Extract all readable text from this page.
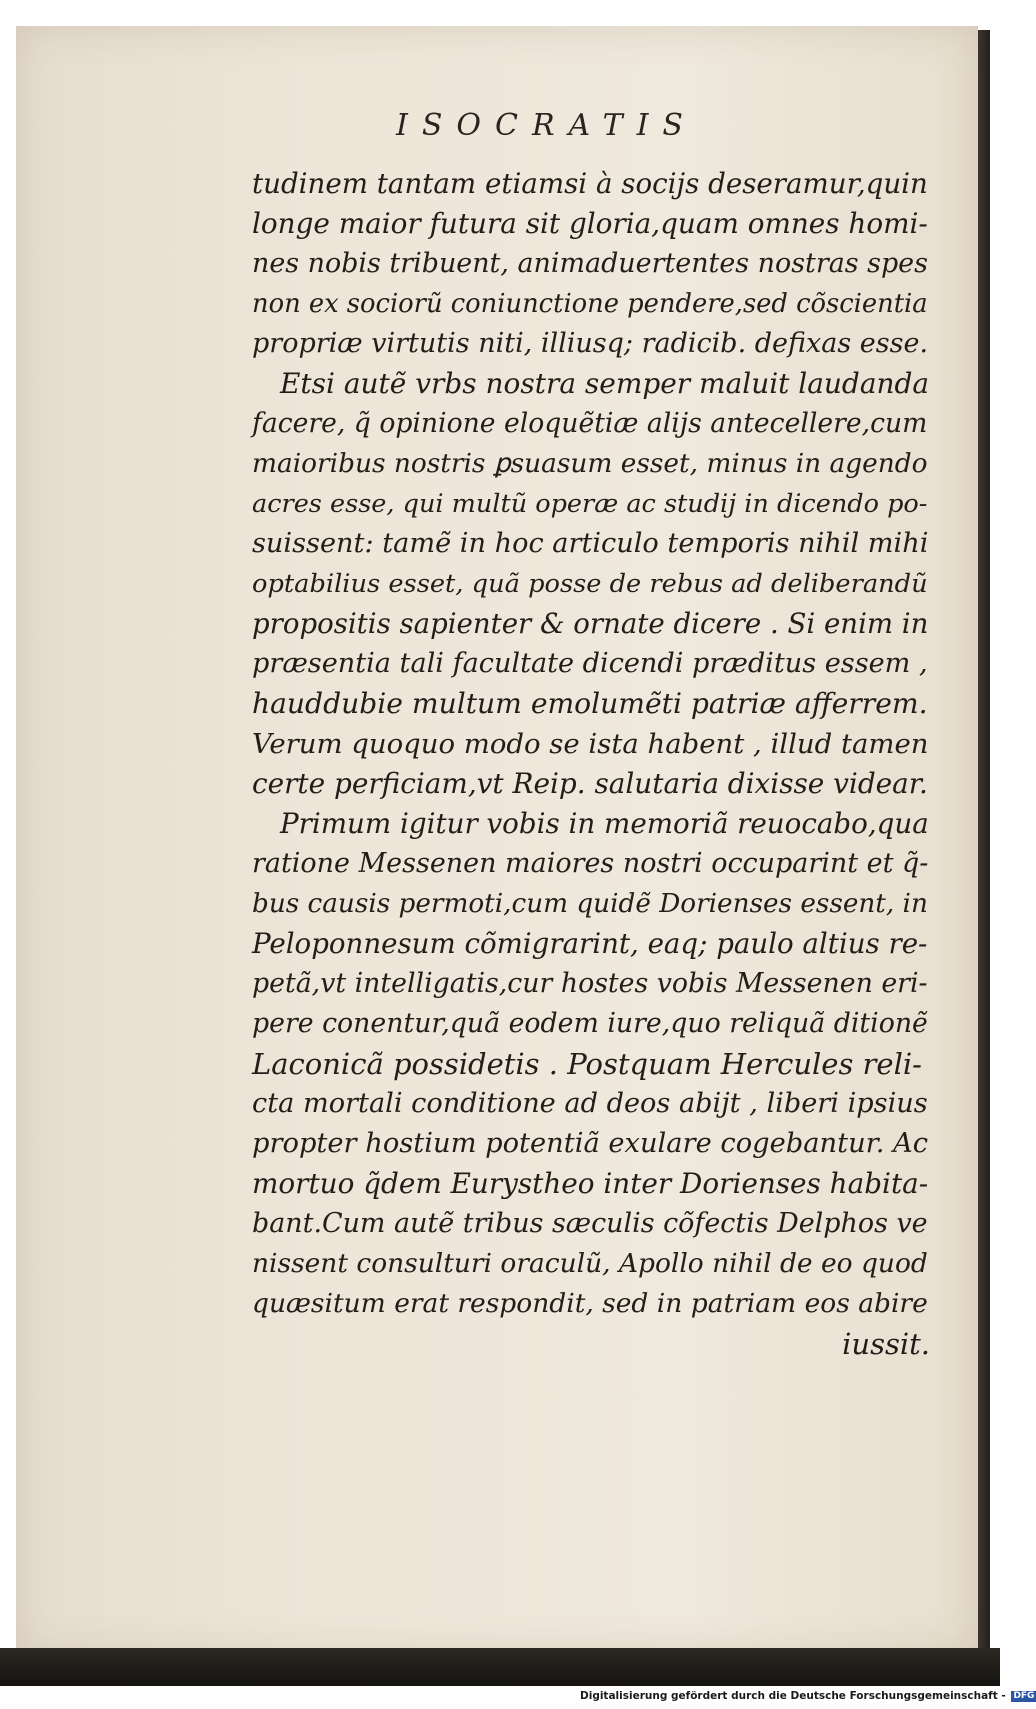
ISOCRATIS
tudinem tantam etiamsi à socijs deseramur,quin
longe maior futura sit gloria,quam omnes homi-
nes nobis tribuent, animaduertentes nostras spes
non ex sociorũ coniunctione pendere,sed cõscientia
propriæ virtutis niti, illiusq; radicib. defixas esse.
Etsi autẽ vrbs nostra semper maluit laudanda
facere, q̃ opinione eloquẽtiæ alijs antecellere,cum
maioribus nostris ꝑsuasum esset, minus in agendo
acres esse, qui multũ operæ ac studij in dicendo po-
suissent: tamẽ in hoc articulo temporis nihil mihi
optabilius esset, quã posse de rebus ad deliberandũ
propositis sapienter & ornate dicere . Si enim in
præsentia tali facultate dicendi præditus essem ,
hauddubie multum emolumẽti patriæ afferrem.
Verum quoquo modo se ista habent , illud tamen
certe perficiam,vt Reip. salutaria dixisse videar.
Primum igitur vobis in memoriã reuocabo,qua
ratione Messenen maiores nostri occuparint et q̃-
bus causis permoti,cum quidẽ Dorienses essent, in
Peloponnesum cõmigrarint, eaq; paulo altius re-
petã,vt intelligatis,cur hostes vobis Messenen eri-
pere conentur,quã eodem iure,quo reliquã ditionẽ
Laconicã possidetis . Postquam Hercules reli-
cta mortali conditione ad deos abijt , liberi ipsius
propter hostium potentiã exulare cogebantur. Ac
mortuo q̃dem Eurystheo inter Dorienses habita-
bant.Cum autẽ tribus sæculis cõfectis Delphos ve
nissent consulturi oraculũ, Apollo nihil de eo quod
quæsitum erat respondit, sed in patriam eos abire
iussit.
Digitalisierung gefördert durch die Deutsche Forschungsgemeinschaft - DFG
